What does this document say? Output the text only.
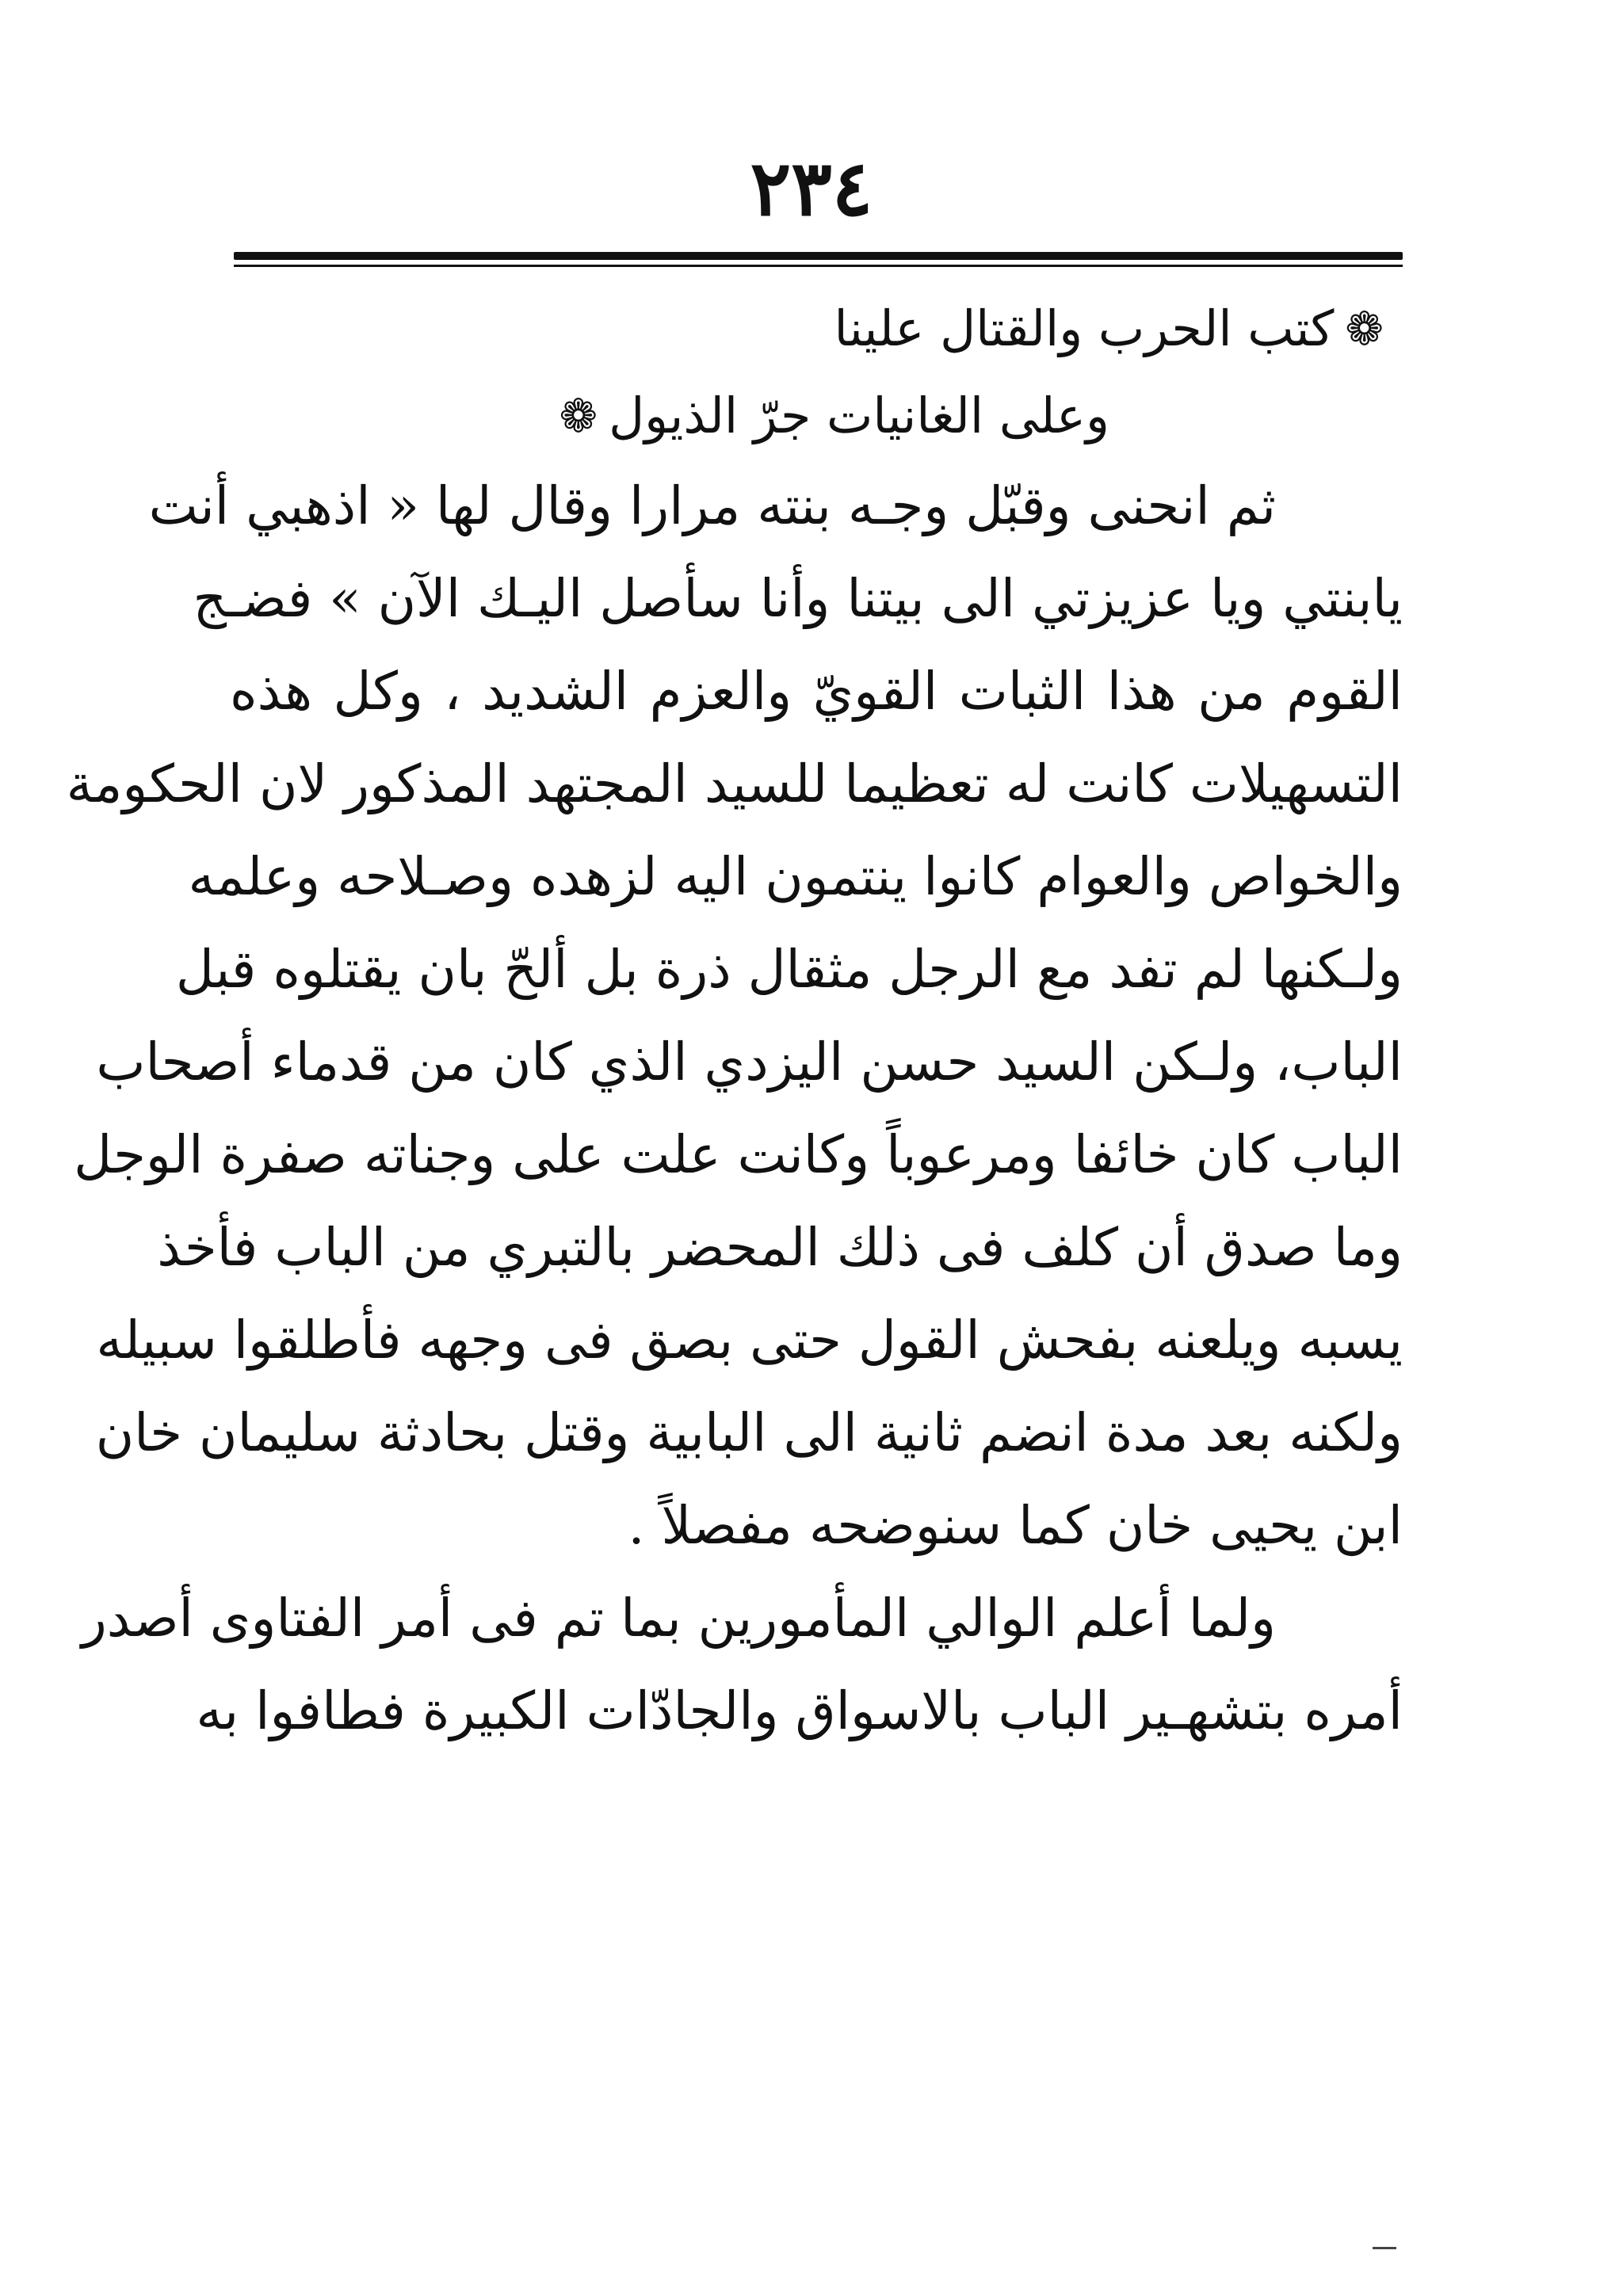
٢٣٤
❁
كتب الحرب والقتال علينا
وعلى الغانيات جرّ الذيول
❁
ثم انحنى وقبّل وجـه بنته مرارا وقال لها « اذهبي أنت
يابنتي ويا عزيزتي الى بيتنا وأنا سأصل اليـك الآن » فضـج
القوم من هذا الثبات القويّ والعزم الشديد ، وكل هذه
التسهيلات كانت له تعظيما للسيد المجتهد المذكور لان الحكومة
والخواص والعوام كانوا ينتمون اليه لزهده وصـلاحه وعلمه
ولـكنها لم تفد مع الرجل مثقال ذرة بل ألحّ بان يقتلوه قبل
الباب، ولـكن السيد حسن اليزدي الذي كان من قدماء أصحاب
الباب كان خائفا ومرعوباً وكانت علت على وجناته صفرة الوجل
وما صدق أن كلف فى ذلك المحضر بالتبري من الباب فأخذ
يسبه ويلعنه بفحش القول حتى بصق فى وجهه فأطلقوا سبيله
ولكنه بعد مدة انضم ثانية الى البابية وقتل بحادثة سليمان خان
ابن يحيى خان كما سنوضحه مفصلاً .
ولما أعلم الوالي المأمورين بما تم فى أمر الفتاوى أصدر
أمره بتشهـير الباب بالاسواق والجادّات الكبيرة فطافوا به
